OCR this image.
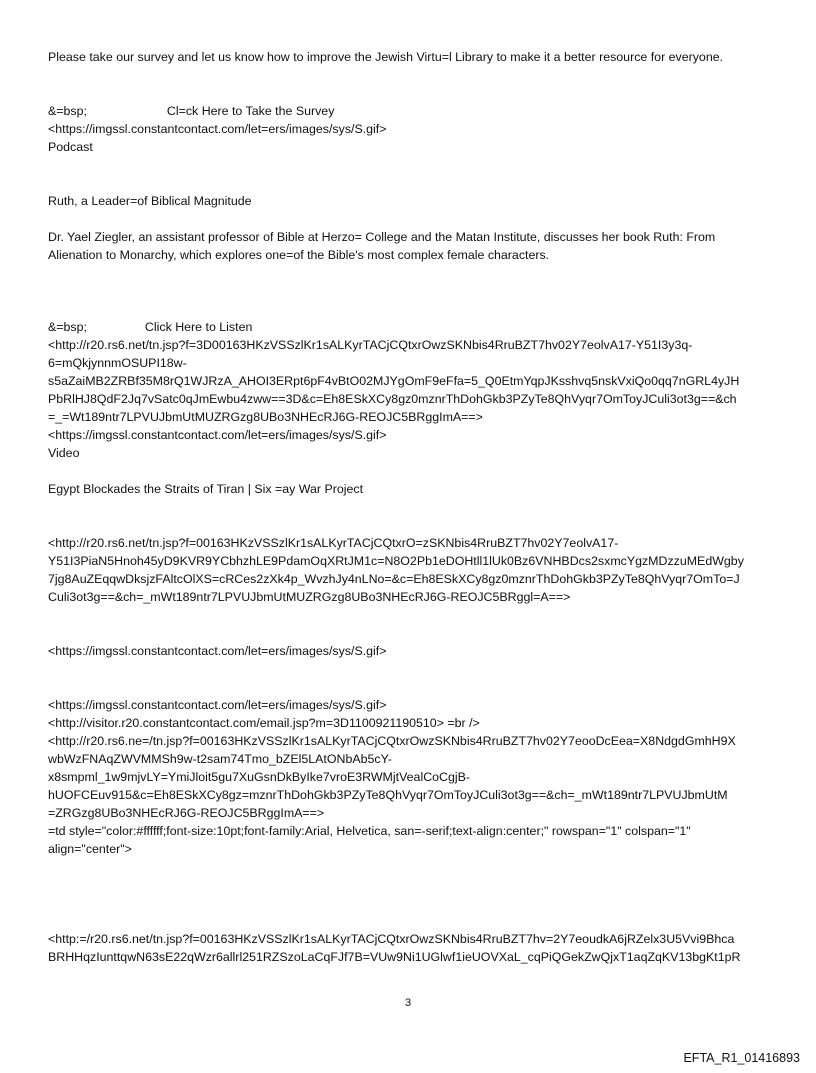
Please take our survey and let us know how to improve the Jewish Virtu=l Library to make it a better resource for everyone.
&=bsp;	Cl=ck Here to Take the Survey
<https://imgssl.constantcontact.com/let=ers/images/sys/S.gif>
Podcast
Ruth, a Leader=of Biblical Magnitude
Dr. Yael Ziegler, an assistant professor of Bible at Herzo= College and the Matan Institute, discusses her book Ruth: From Alienation to Monarchy, which explores one=of the Bible's most complex female characters.
&=bsp;	Click Here to Listen
<http://r20.rs6.net/tn.jsp?f=3D00163HKzVSSzlKr1sALKyrTACjCQtxrOwzSKNbis4RruBZT7hv02Y7eolvA17-Y51I3y3q-
6=mQkjynnmOSUPI18w-
s5aZaiMB2ZRBf35M8rQ1WJRzA_AHOI3ERpt6pF4vBtO02MJYgOmF9eFfa=5_Q0EtmYqpJKsshvq5nskVxiQo0qq7nGRL4yJH
PbRlHJ8QdF2Jq7vSatc0qJmEwbu4zww==3D&c=Eh8ESkXCy8gz0mznrThDohGkb3PZyTe8QhVyqr7OmToyJCuli3ot3g==&ch
=_=Wt189ntr7LPVUJbmUtMUZRGzg8UBo3NHEcRJ6G-REOJC5BRggImA==>
<https://imgssl.constantcontact.com/let=ers/images/sys/S.gif>
Video
Egypt Blockades the Straits of Tiran | Six =ay War Project
<http://r20.rs6.net/tn.jsp?f=00163HKzVSSzlKr1sALKyrTACjCQtxrO=zSKNbis4RruBZT7hv02Y7eolvA17-
Y51I3PiaN5Hnoh45yD9KVR9YCbhzhLE9PdamOqXRtJM1c=N8O2Pb1eDOHtll1lUk0Bz6VNHBDcs2sxmcYgzMDzzuMEdWgby
7jg8AuZEqqwDksjzFAltcOlXS=cRCes2zXk4p_WvzhJy4nLNo=&c=Eh8ESkXCy8gz0mznrThDohGkb3PZyTe8QhVyqr7OmTo=J
Culi3ot3g==&ch=_mWt189ntr7LPVUJbmUtMUZRGzg8UBo3NHEcRJ6G-REOJC5BRggl=A==>
<https://imgssl.constantcontact.com/let=ers/images/sys/S.gif>
<https://imgssl.constantcontact.com/let=ers/images/sys/S.gif>
<http://visitor.r20.constantcontact.com/email.jsp?m=3D1100921190510> =br />
<http://r20.rs6.ne=/tn.jsp?f=00163HKzVSSzlKr1sALKyrTACjCQtxrOwzSKNbis4RruBZT7hv02Y7eooDcEea=X8NdgdGmhH9X
wbWzFNAqZWVMMSh9w-t2sam74Tmo_bZEl5LAtONbAb5cY-
x8smpml_1w9mjvLY=YmiJloit5gu7XuGsnDkByIke7vroE3RWMjtVealCoCgjB-
hUOFCEuv915&c=Eh8ESkXCy8gz=mznrThDohGkb3PZyTe8QhVyqr7OmToyJCuli3ot3g==&ch=_mWt189ntr7LPVUJbmUtM
=ZRGzg8UBo3NHEcRJ6G-REOJC5BRggImA==>
=td style="color:#ffffff;font-size:10pt;font-family:Arial, Helvetica, san=-serif;text-align:center;" rowspan="1" colspan="1"
align="center">
<http:=/r20.rs6.net/tn.jsp?f=00163HKzVSSzlKr1sALKyrTACjCQtxrOwzSKNbis4RruBZT7hv=2Y7eoudkA6jRZelx3U5Vvi9Bhca
BRHHqzIunttqwN63sE22qWzr6allrl251RZSzoLaCqFJf7B=VUw9Ni1UGlwf1ieUOVXaL_cqPiQGekZwQjxT1aqZqKV13bgKt1pR
3
EFTA_R1_01416893
